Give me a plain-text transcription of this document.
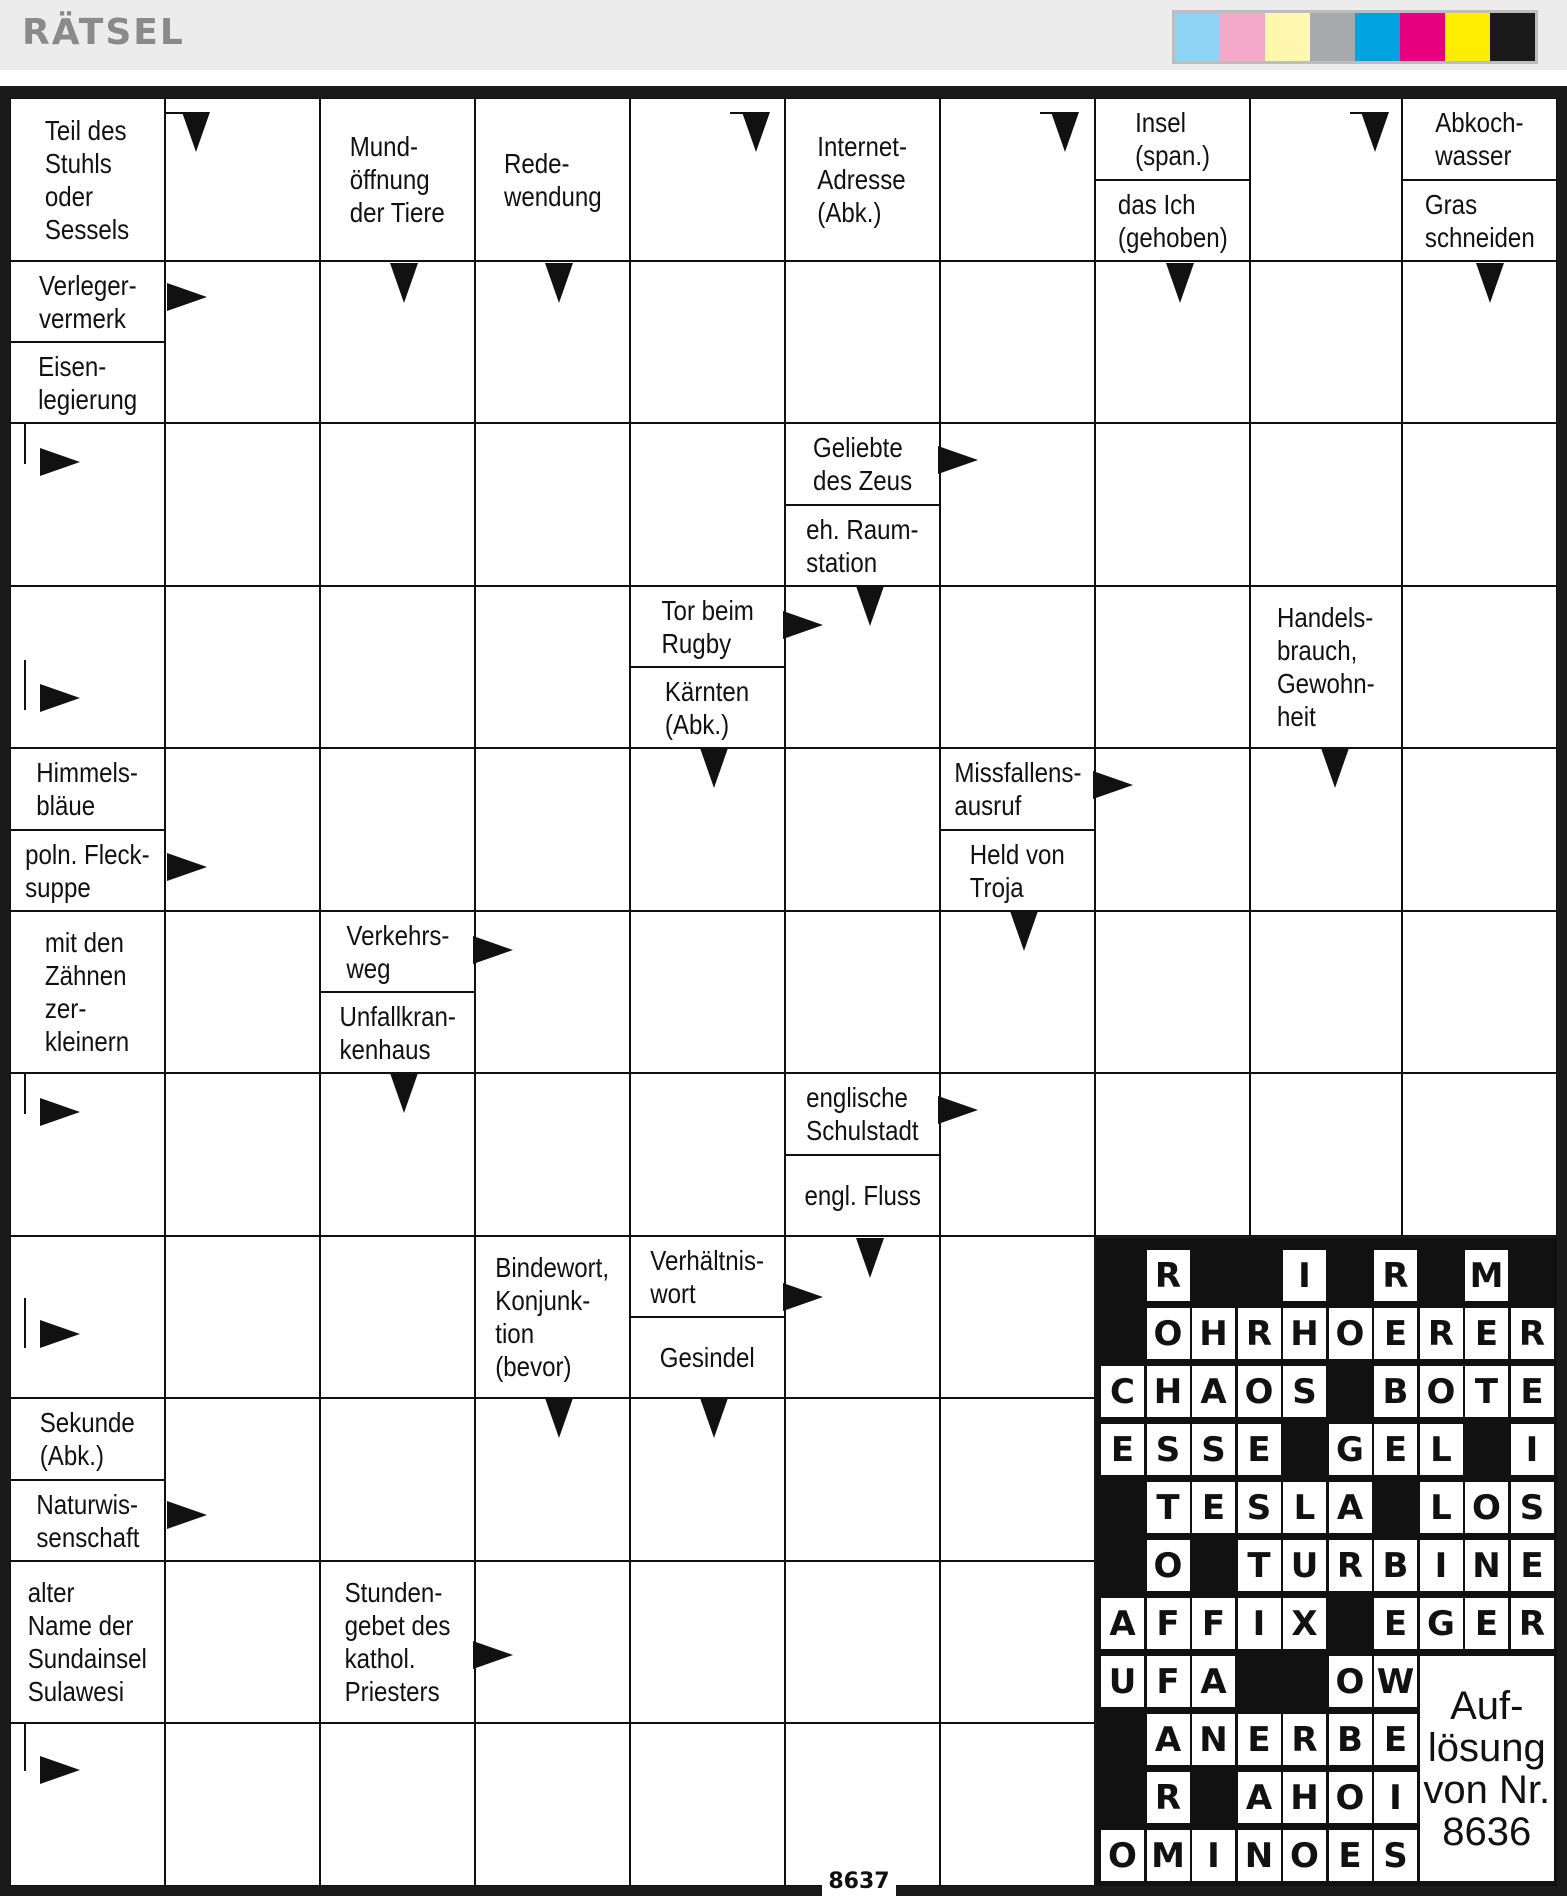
RÄTSEL
Teil des
Stuhls
oder
Sessels
Mund-
öffnung
der Tiere
Rede-
wendung
Internet-
Adresse
(Abk.)
Insel
(span.)
das Ich
(gehoben)
Abkoch-
wasser
Gras
schneiden
Verleger-
vermerk
Eisen-
legierung
Geliebte
des Zeus
eh. Raum-
station
Tor beim
Rugby
Kärnten
(Abk.)
Handels-
brauch,
Gewohn-
heit
Himmels-
bläue
poln. Fleck-
suppe
Missfallens-
ausruf
Held von
Troja
mit den
Zähnen
zer-
kleinern
Verkehrs-
weg
Unfallkran-
kenhaus
englische
Schulstadt
engl. Fluss
Bindewort,
Konjunk-
tion
(bevor)
Verhältnis-
wort
Gesindel
Sekunde
(Abk.)
Naturwis-
senschaft
alter
Name der
Sundainsel
Sulawesi
Stunden-
gebet des
kathol.
Priesters
R	I	R M
O H R H O E R E R
C H A O S B O T E
E S S E G E L	I
T E S L A	L O S
O T U R B I N E
A F F I X E G E R
U F A	O W
A N E R B E
R A H O I
O M I N O E S
Auf-
lösung
von Nr.
8636
8637
